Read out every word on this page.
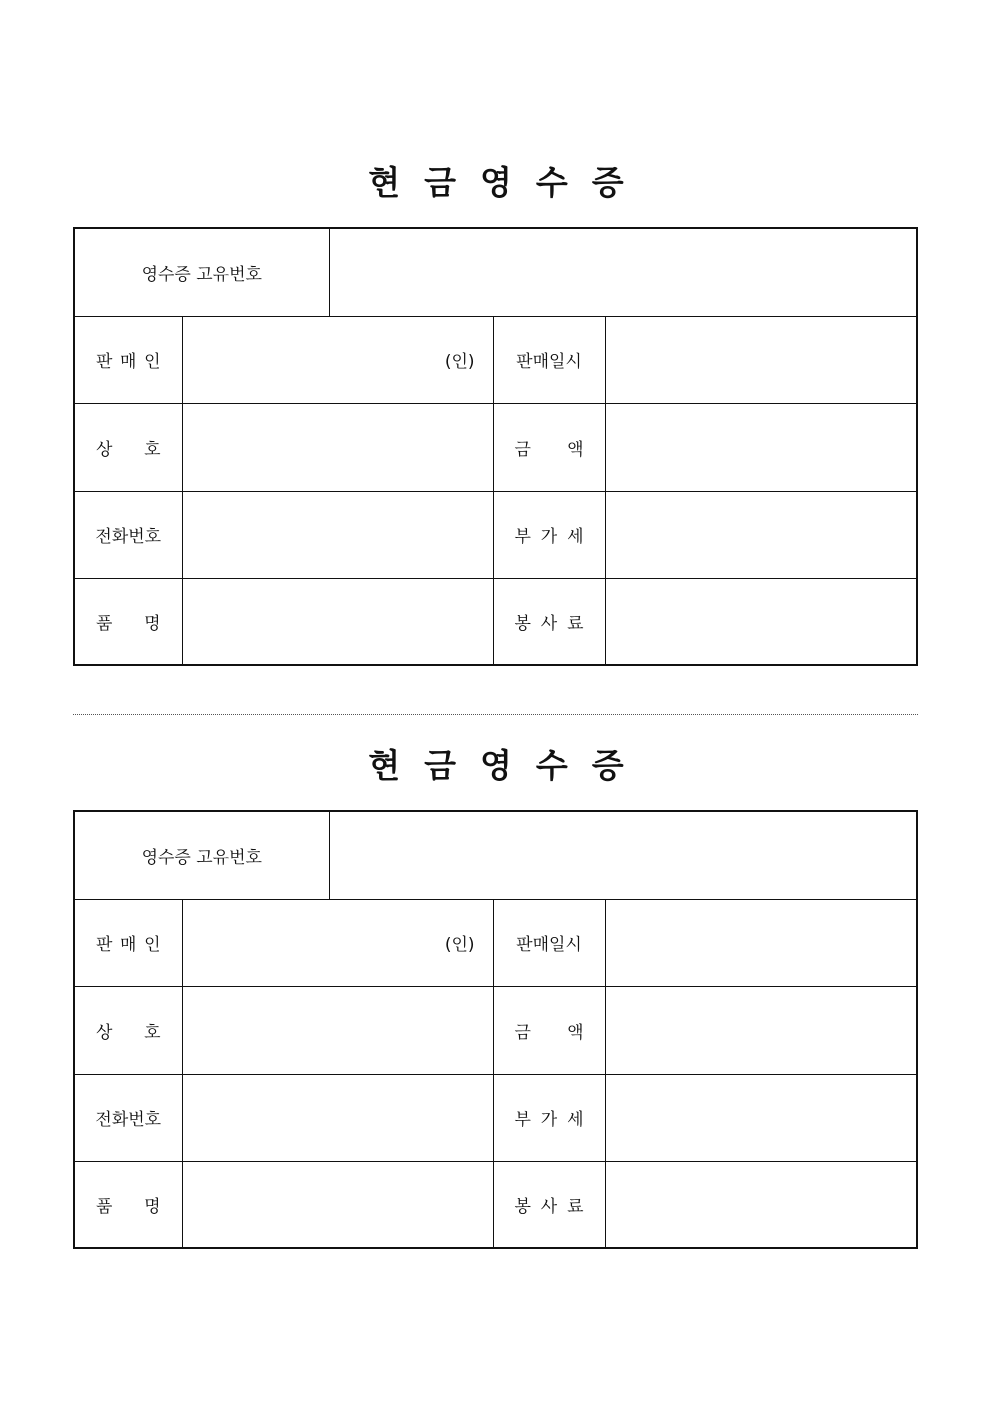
현금영수증
영수증 고유번호				

판 매 인	(인)		판매일시	

상 호			금 액	

전화번호			부 가 세	

품 명			봉 사 료	

현금영수증
영수증 고유번호				

판 매 인	(인)		판매일시	

상 호			금 액	

전화번호			부 가 세	

품 명			봉 사 료	
